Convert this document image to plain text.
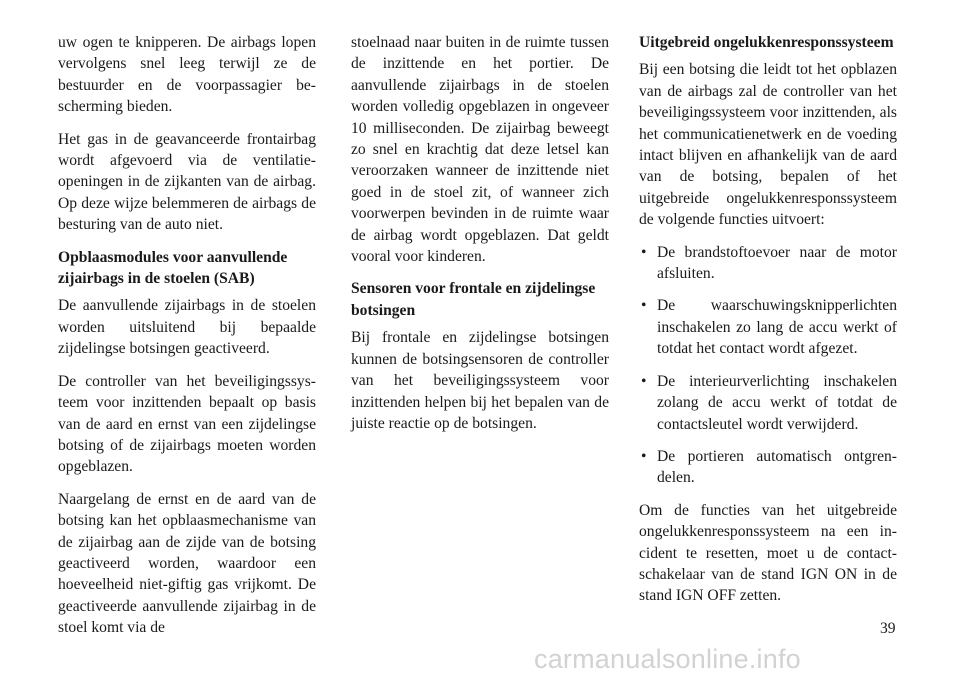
uw ogen te knipperen. De airbags lopen vervolgens snel leeg terwijl ze de bestuurder en de voorpassagier bescherming bieden.

Het gas in de geavanceerde frontairbag wordt afgevoerd via de ventilatieopeningen in de zijkanten van de airbag. Op deze wijze belemmeren de airbags de besturing van de auto niet.

Opblaasmodules voor aanvullende zijairbags in de stoelen (SAB)

De aanvullende zijairbags in de stoelen worden uitsluitend bij bepaalde zijdelingse botsingen geactiveerd.

De controller van het beveiligingssysteem voor inzittenden bepaalt op basis van de aard en ernst van een zijdelingse botsing of de zijairbags moeten worden opgeblazen.

Naargelang de ernst en de aard van de botsing kan het opblaasmechanisme van de zijairbag aan de zijde van de botsing geactiveerd worden, waardoor een hoeveelheid niet-giftig gas vrijkomt. De geactiveerde aanvullende zijairbag in de stoel komt via de

stoelnaad naar buiten in de ruimte tussen de inzittende en het portier. De aanvullende zijairbags in de stoelen worden volledig opgeblazen in ongeveer 10 milliseconden. De zijairbag beweegt zo snel en krachtig dat deze letsel kan veroorzaken wanneer de inzittende niet goed in de stoel zit, of wanneer zich voorwerpen bevinden in de ruimte waar de airbag wordt opgeblazen. Dat geldt vooral voor kinderen.

Sensoren voor frontale en zijdelingse botsingen

Bij frontale en zijdelingse botsingen kunnen de botsingsensoren de controller van het beveiligingssysteem voor inzittenden helpen bij het bepalen van de juiste reactie op de botsingen.

Uitgebreid ongelukkenresponssysteem

Bij een botsing die leidt tot het opblazen van de airbags zal de controller van het beveiligingssysteem voor inzittenden, als het communicatienetwerk en de voeding intact blijven en afhankelijk van de aard van de botsing, bepalen of het uitgebreide ongelukkenresponssysteem de volgende functies uitvoert:

• De brandstoftoevoer naar de motor afsluiten.
• De waarschuwingsknipperlichten inschakelen zo lang de accu werkt of totdat het contact wordt afgezet.
• De interieurverlichting inschakelen zolang de accu werkt of totdat de contactsleutel wordt verwijderd.
• De portieren automatisch ontgrendelen.

Om de functies van het uitgebreide ongelukkenresponssysteem na een incident te resetten, moet u de contactschakelaar van de stand IGN ON in de stand IGN OFF zetten.

39
carmanualsonline.info
